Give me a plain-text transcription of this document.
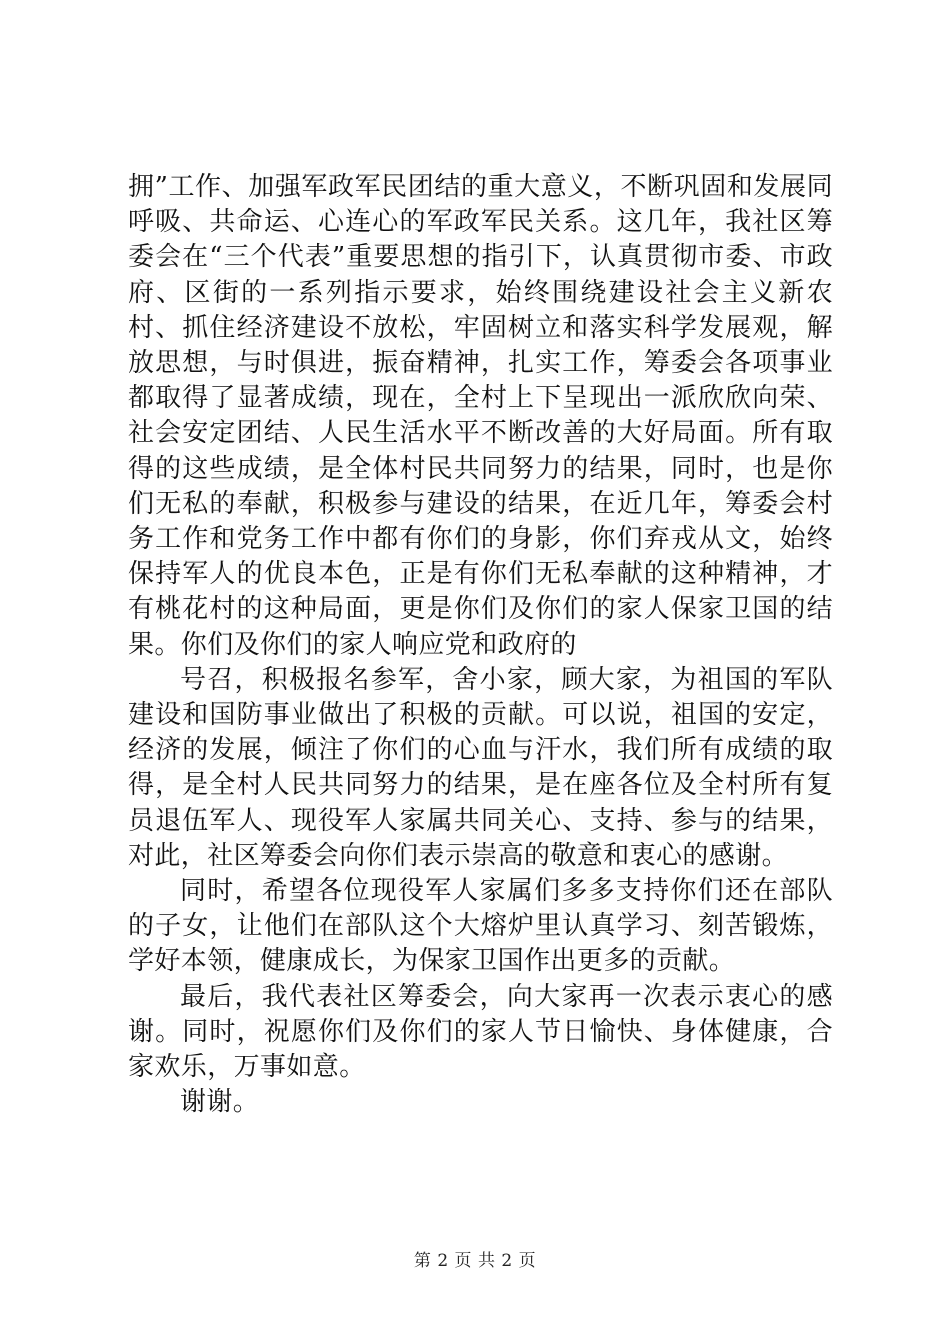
拥”工作、加强军政军民团结的重大意义，不断巩固和发展同呼吸、共命运、心连心的军政军民关系。这几年，我社区筹委会在“三个代表”重要思想的指引下，认真贯彻市委、市政府、区街的一系列指示要求，始终围绕建设社会主义新农村、抓住经济建设不放松，牢固树立和落实科学发展观，解放思想，与时俱进，振奋精神，扎实工作，筹委会各项事业都取得了显著成绩，现在，全村上下呈现出一派欣欣向荣、社会安定团结、人民生活水平不断改善的大好局面。所有取得的这些成绩，是全体村民共同努力的结果，同时，也是你们无私的奉献，积极参与建设的结果，在近几年，筹委会村务工作和党务工作中都有你们的身影，你们弃戎从文，始终保持军人的优良本色，正是有你们无私奉献的这种精神，才有桃花村的这种局面，更是你们及你们的家人保家卫国的结果。你们及你们的家人响应党和政府的

号召，积极报名参军，舍小家，顾大家，为祖国的军队建设和国防事业做出了积极的贡献。可以说，祖国的安定，经济的发展，倾注了你们的心血与汗水，我们所有成绩的取得，是全村人民共同努力的结果，是在座各位及全村所有复员退伍军人、现役军人家属共同关心、支持、参与的结果，对此，社区筹委会向你们表示崇高的敬意和衷心的感谢。

同时，希望各位现役军人家属们多多支持你们还在部队的子女，让他们在部队这个大熔炉里认真学习、刻苦锻炼，学好本领，健康成长，为保家卫国作出更多的贡献。

最后，我代表社区筹委会，向大家再一次表示衷心的感谢。同时，祝愿你们及你们的家人节日愉快、身体健康，合家欢乐，万事如意。

谢谢。

第 2 页 共 2 页
